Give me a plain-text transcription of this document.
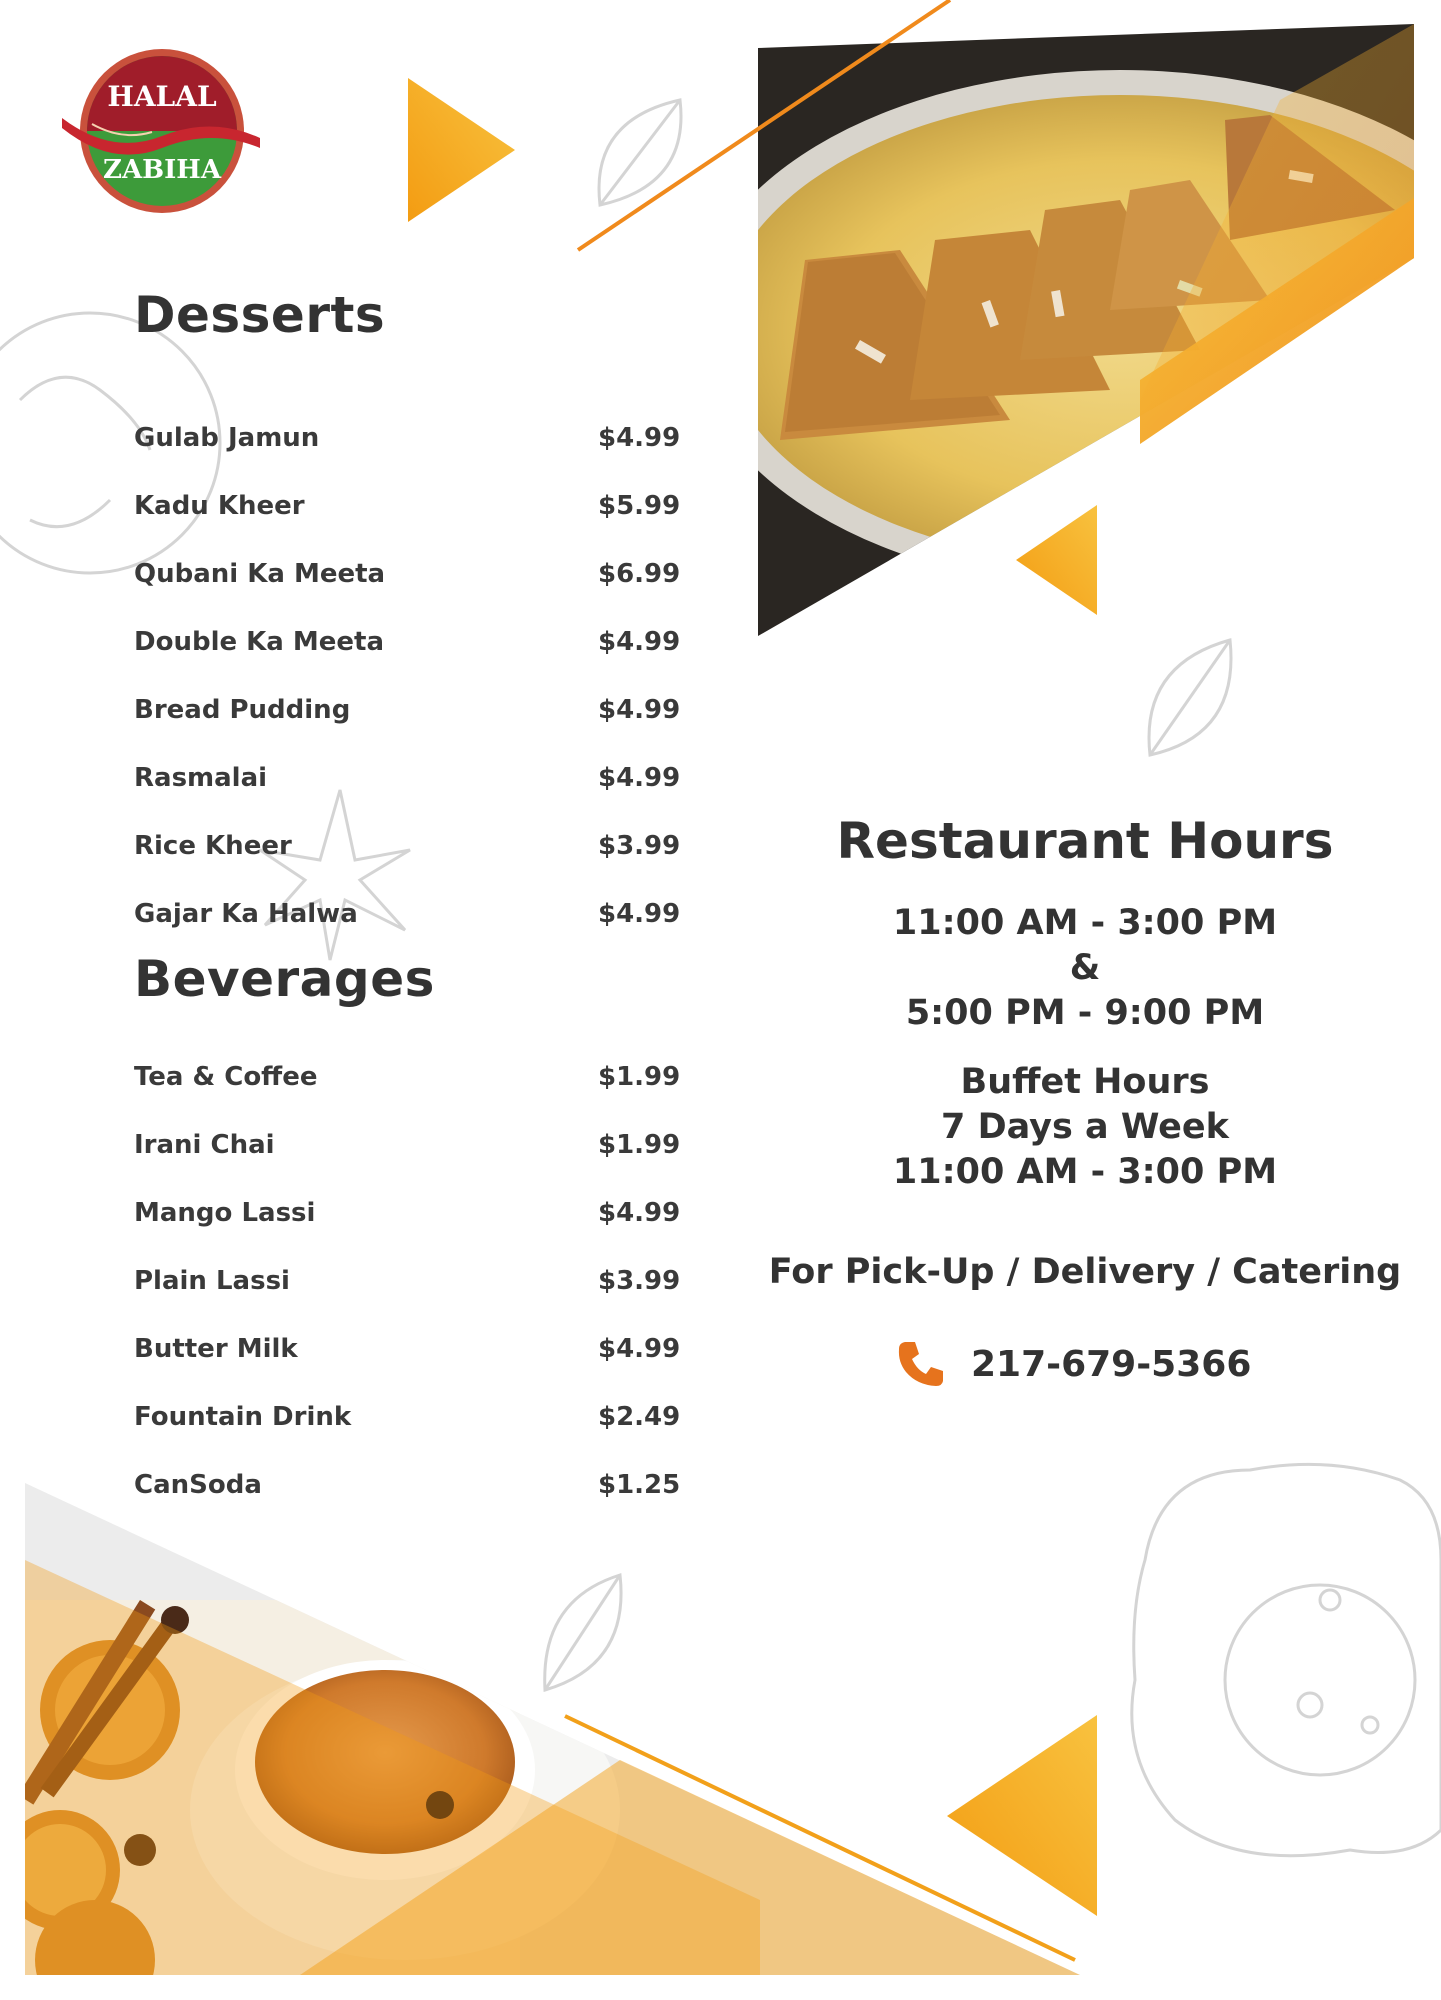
HALAL
ZABIHA
Desserts
Gulab Jamun	$4.99
Kadu Kheer	$5.99
Qubani Ka Meeta	$6.99
Double Ka Meeta	$4.99
Bread Pudding	$4.99
Rasmalai	$4.99
Rice Kheer	$3.99
Gajar Ka Halwa	$4.99
Beverages
Tea & Coffee	$1.99
Irani Chai	$1.99
Mango Lassi	$4.99
Plain Lassi	$3.99
Butter Milk	$4.99
Fountain Drink	$2.49
CanSoda	$1.25
Restaurant Hours
11:00 AM - 3:00 PM
&
5:00 PM - 9:00 PM
Buffet Hours
7 Days a Week
11:00 AM - 3:00 PM
For Pick-Up / Delivery / Catering
217-679-5366
